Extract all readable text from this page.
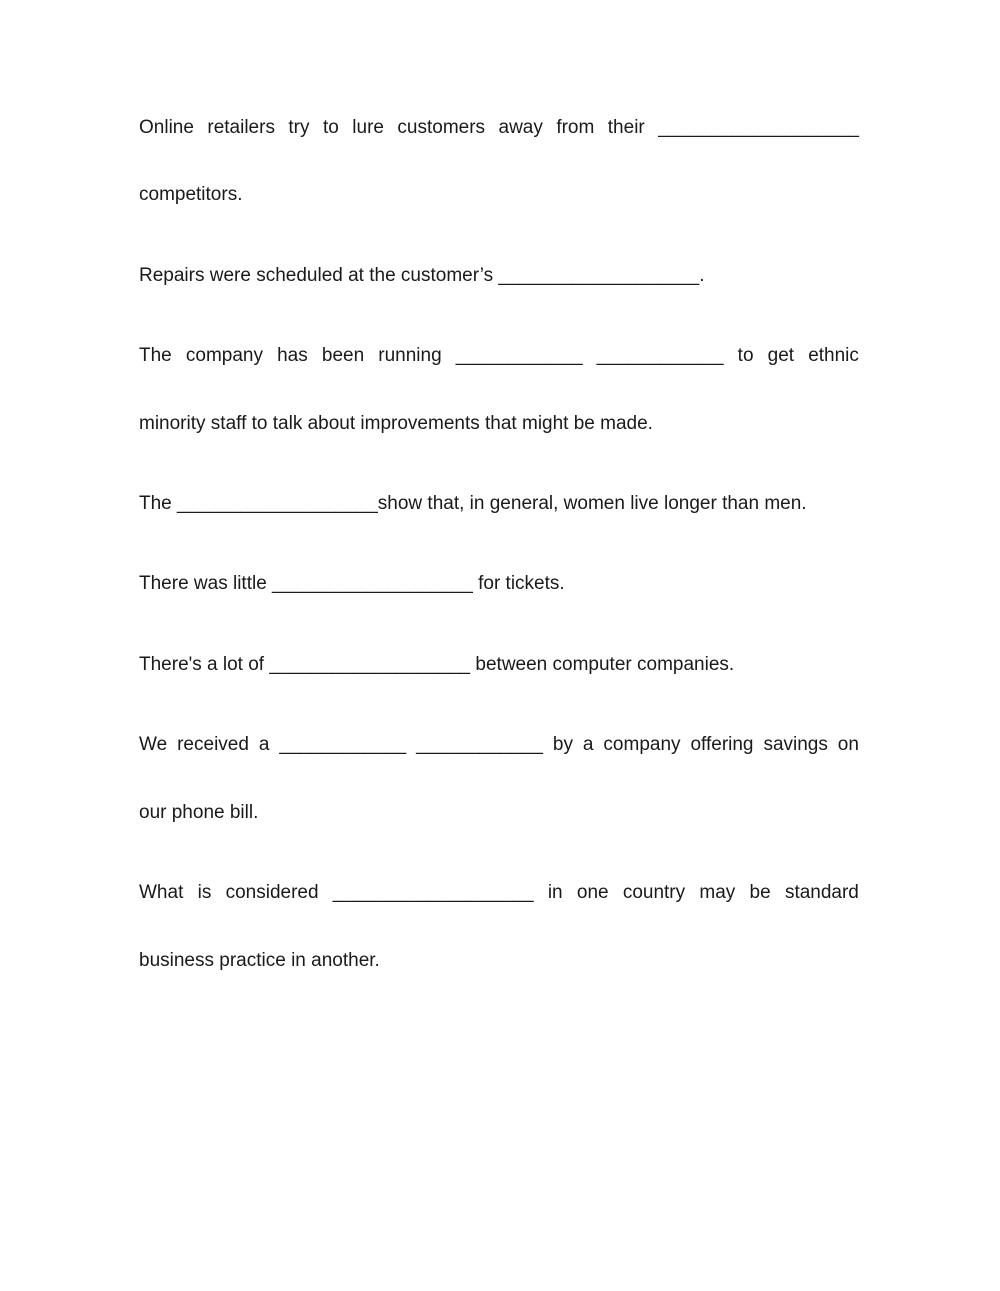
Online retailers try to lure customers away from their ___________________
competitors.
Repairs were scheduled at the customer’s ___________________.
The company has been running ____________ ____________ to get ethnic
minority staff to talk about improvements that might be made.
The ___________________show that, in general, women live longer than men.
There was little ___________________ for tickets.
There's a lot of ___________________ between computer companies.
We received a ____________ ____________ by a company offering savings on
our phone bill.
What is considered ___________________ in one country may be standard
business practice in another.
